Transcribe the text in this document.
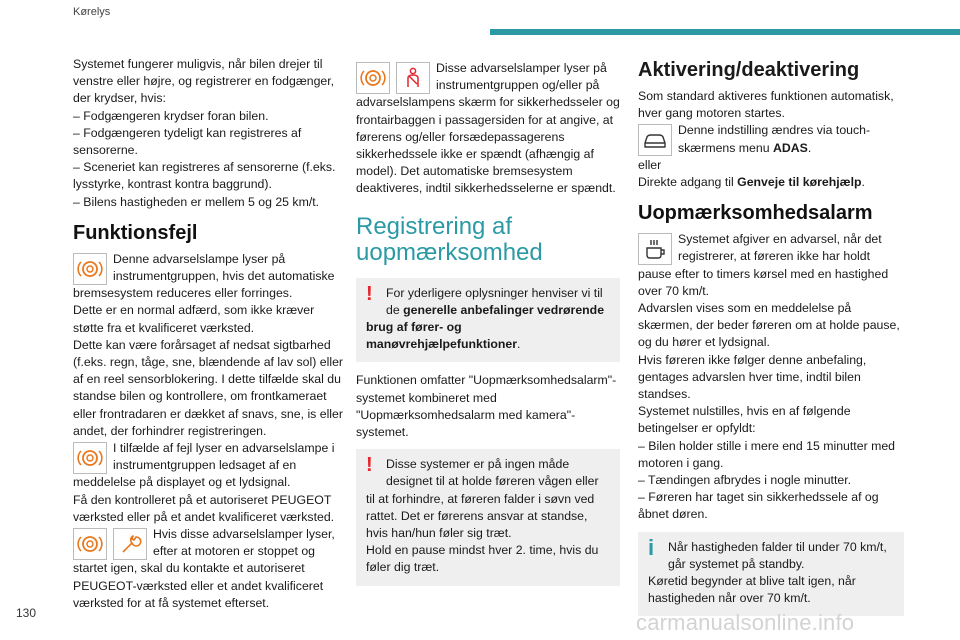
Kørelys

Systemet fungerer muligvis, når bilen drejer til venstre eller højre, og registrerer en fodgænger, der krydser, hvis:

– Fodgængeren krydser foran bilen.

– Fodgængeren tydeligt kan registreres af sensorerne.

– Sceneriet kan registreres af sensorerne (f.eks. lysstyrke, kontrast kontra baggrund).

– Bilens hastigheden er mellem 5 og 25 km/t.

Funktionsfejl

Denne advarselslampe lyser på instrumentgruppen, hvis det automatiske bremsesystem reduceres eller forringes.

Dette er en normal adfærd, som ikke kræver støtte fra et kvalificeret værksted.

Dette kan være forårsaget af nedsat sigtbarhed (f.eks. regn, tåge, sne, blændende af lav sol) eller af en reel sensorblokering. I dette tilfælde skal du standse bilen og kontrollere, om frontkameraet eller frontradaren er dækket af snavs, sne, is eller andet, der forhindrer registreringen.

I tilfælde af fejl lyser en advarselslampe i instrumentgruppen ledsaget af en meddelelse på displayet og et lydsignal.

Få den kontrolleret på et autoriseret PEUGEOT værksted eller på et andet kvalificeret værksted.

Hvis disse advarselslamper lyser, efter at motoren er stoppet og startet igen, skal du kontakte et autoriseret PEUGEOT-værksted eller et andet kvalificeret værksted for at få systemet efterset.

Disse advarselslamper lyser på instrumentgruppen og/eller på advarselslampens skærm for sikkerhedsseler og frontairbaggen i passagersiden for at angive, at førerens og/eller forsædepassagerens sikkerhedssele ikke er spændt (afhængig af model). Det automatiske bremsesystem deaktiveres, indtil sikkerhedsselerne er spændt.

Registrering af uopmærksomhed
!	For yderligere oplysninger henviser vi til de generelle anbefalinger vedrørende brug af fører- og manøvrehjælpefunktioner.

Funktionen omfatter "Uopmærksomhedsalarm"-systemet kombineret med "Uopmærksomhedsalarm med kamera"-systemet.

!	Disse systemer er på ingen måde designet til at holde føreren vågen eller til at forhindre, at føreren falder i søvn ved rattet. Det er førerens ansvar at standse, hvis han/hun føler sig træt.

Hold en pause mindst hver 2. time, hvis du føler dig træt.

Aktivering/deaktivering

Som standard aktiveres funktionen automatisk, hver gang motoren startes.

Denne indstilling ændres via touch-skærmens menu ADAS.

eller

Direkte adgang til Genveje til kørehjælp.

Uopmærksomhedsalarm

Systemet afgiver en advarsel, når det registrerer, at føreren ikke har holdt pause efter to timers kørsel med en hastighed over 70 km/t.

Advarslen vises som en meddelelse på skærmen, der beder føreren om at holde pause, og du hører et lydsignal.

Hvis føreren ikke følger denne anbefaling, gentages advarslen hver time, indtil bilen standses.

Systemet nulstilles, hvis en af følgende betingelser er opfyldt:

– Bilen holder stille i mere end 15 minutter med motoren i gang.

– Tændingen afbrydes i nogle minutter.

– Føreren har taget sin sikkerhedssele af og åbnet døren.

i	Når hastigheden falder til under 70 km/t, går systemet på standby.

Køretid begynder at blive talt igen, når hastigheden når over 70 km/t.

130	carmanualsonline.info
